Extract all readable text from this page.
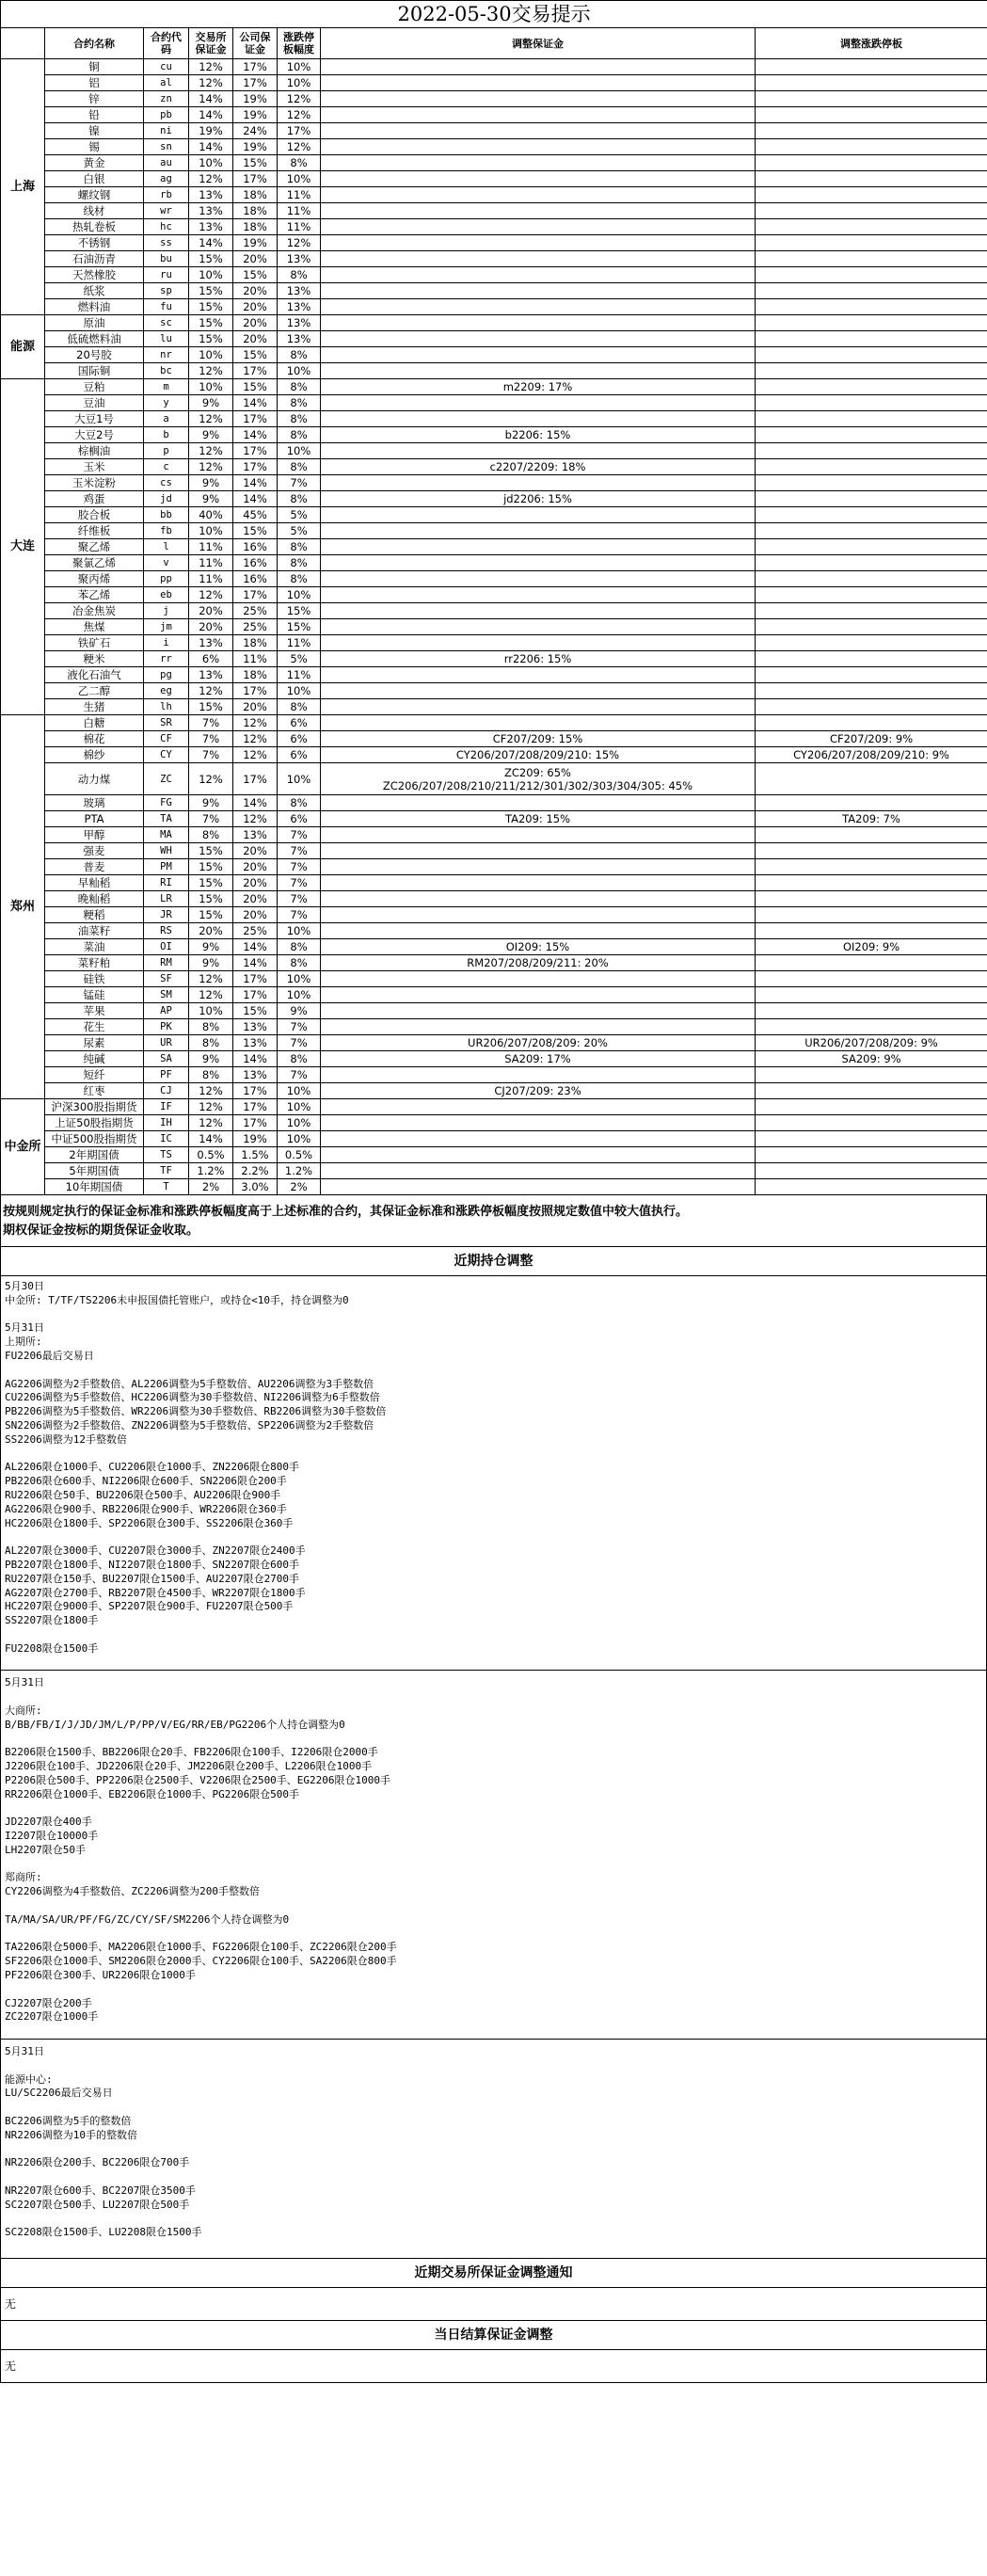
2022-05-30交易提示							
	合约名称	合约代码	交易所保证金	公司保证金	涨跌停板幅度	调整保证金	调整涨跌停板
上海	铜	cu	12%	17%	10%		
	铝	al	12%	17%	10%		
	锌	zn	14%	19%	12%		
	铅	pb	14%	19%	12%		
	镍	ni	19%	24%	17%		
	锡	sn	14%	19%	12%		
	黄金	au	10%	15%	8%		
	白银	ag	12%	17%	10%		
	螺纹钢	rb	13%	18%	11%		
	线材	wr	13%	18%	11%		
	热轧卷板	hc	13%	18%	11%		
	不锈钢	ss	14%	19%	12%		
	石油沥青	bu	15%	20%	13%		
	天然橡胶	ru	10%	15%	8%		
	纸浆	sp	15%	20%	13%		
	燃料油	fu	15%	20%	13%		
能源	原油	sc	15%	20%	13%		
	低硫燃料油	lu	15%	20%	13%		
	20号胶	nr	10%	15%	8%		
	国际铜	bc	12%	17%	10%		
大连	豆粕	m	10%	15%	8%	m2209: 17%	
	豆油	y	9%	14%	8%		
	大豆1号	a	12%	17%	8%		
	大豆2号	b	9%	14%	8%	b2206: 15%	
	棕榈油	p	12%	17%	10%		
	玉米	c	12%	17%	8%	c2207/2209: 18%	
	玉米淀粉	cs	9%	14%	7%		
	鸡蛋	jd	9%	14%	8%	jd2206: 15%	
	胶合板	bb	40%	45%	5%		
	纤维板	fb	10%	15%	5%		
	聚乙烯	l	11%	16%	8%		
	聚氯乙烯	v	11%	16%	8%		
	聚丙烯	pp	11%	16%	8%		
	苯乙烯	eb	12%	17%	10%		
	冶金焦炭	j	20%	25%	15%		
	焦煤	jm	20%	25%	15%		
	铁矿石	i	13%	18%	11%		
	粳米	rr	6%	11%	5%	rr2206: 15%	
	液化石油气	pg	13%	18%	11%		
	乙二醇	eg	12%	17%	10%		
	生猪	lh	15%	20%	8%		
郑州	白糖	SR	7%	12%	6%		
	棉花	CF	7%	12%	6%	CF207/209: 15%	CF207/209: 9%
	棉纱	CY	7%	12%	6%	CY206/207/208/209/210: 15%	CY206/207/208/209/210: 9%
	动力煤	ZC	12%	17%	10%	ZC209: 65%
ZC206/207/208/210/211/212/301/302/303/304/305: 45%	
	玻璃	FG	9%	14%	8%		
	PTA	TA	7%	12%	6%	TA209: 15%	TA209: 7%
	甲醇	MA	8%	13%	7%		
	强麦	WH	15%	20%	7%		
	普麦	PM	15%	20%	7%		
	早籼稻	RI	15%	20%	7%		
	晚籼稻	LR	15%	20%	7%		
	粳稻	JR	15%	20%	7%		
	油菜籽	RS	20%	25%	10%		
	菜油	OI	9%	14%	8%	OI209: 15%	OI209: 9%
	菜籽粕	RM	9%	14%	8%	RM207/208/209/211: 20%	
	硅铁	SF	12%	17%	10%		
	锰硅	SM	12%	17%	10%		
	苹果	AP	10%	15%	9%		
	花生	PK	8%	13%	7%		
	尿素	UR	8%	13%	7%	UR206/207/208/209: 20%	UR206/207/208/209: 9%
	纯碱	SA	9%	14%	8%	SA209: 17%	SA209: 9%
	短纤	PF	8%	13%	7%		
	红枣	CJ	12%	17%	10%	CJ207/209: 23%	
中金所	沪深300股指期货	IF	12%	17%	10%		
	上证50股指期货	IH	12%	17%	10%		
	中证500股指期货	IC	14%	19%	10%		
	2年期国债	TS	0.5%	1.5%	0.5%		
	5年期国债	TF	1.2%	2.2%	1.2%		
	10年期国债	T	2%	3.0%	2%		
按规则规定执行的保证金标准和涨跌停板幅度高于上述标准的合约，其保证金标准和涨跌停板幅度按照规定数值中较大值执行。
期权保证金按标的期货保证金收取。
近期持仓调整
5月30日
中金所: T/TF/TS2206未申报国债托管账户，或持仓<10手，持仓调整为0
5月31日
上期所:
FU2206最后交易日
AG2206调整为2手整数倍、AL2206调整为5手整数倍、AU2206调整为3手整数倍
CU2206调整为5手整数倍、HC2206调整为30手整数倍、NI2206调整为6手整数倍
PB2206调整为5手整数倍、WR2206调整为30手整数倍、RB2206调整为30手整数倍
SN2206调整为2手整数倍、ZN2206调整为5手整数倍、SP2206调整为2手整数倍
SS2206调整为12手整数倍
AL2206限仓1000手、CU2206限仓1000手、ZN2206限仓800手
PB2206限仓600手、NI2206限仓600手、SN2206限仓200手
RU2206限仓50手、BU2206限仓500手、AU2206限仓900手
AG2206限仓900手、RB2206限仓900手、WR2206限仓360手
HC2206限仓1800手、SP2206限仓300手、SS2206限仓360手
AL2207限仓3000手、CU2207限仓3000手、ZN2207限仓2400手
PB2207限仓1800手、NI2207限仓1800手、SN2207限仓600手
RU2207限仓150手、BU2207限仓1500手、AU2207限仓2700手
AG2207限仓2700手、RB2207限仓4500手、WR2207限仓1800手
HC2207限仓9000手、SP2207限仓900手、FU2207限仓500手
SS2207限仓1800手
FU2208限仓1500手
5月31日
大商所:
B/BB/FB/I/J/JD/JM/L/P/PP/V/EG/RR/EB/PG2206个人持仓调整为0
B2206限仓1500手、BB2206限仓20手、FB2206限仓100手、I2206限仓2000手
J2206限仓100手、JD2206限仓20手、JM2206限仓200手、L2206限仓1000手
P2206限仓500手、PP2206限仓2500手、V2206限仓2500手、EG2206限仓1000手
RR2206限仓1000手、EB2206限仓1000手、PG2206限仓500手
JD2207限仓400手
I2207限仓10000手
LH2207限仓50手
郑商所:
CY2206调整为4手整数倍、ZC2206调整为200手整数倍
TA/MA/SA/UR/PF/FG/ZC/CY/SF/SM2206个人持仓调整为0
TA2206限仓5000手、MA2206限仓1000手、FG2206限仓100手、ZC2206限仓200手
SF2206限仓1000手、SM2206限仓2000手、CY2206限仓100手、SA2206限仓800手
PF2206限仓300手、UR2206限仓1000手
CJ2207限仓200手
ZC2207限仓1000手
5月31日
能源中心:
LU/SC2206最后交易日
BC2206调整为5手的整数倍
NR2206调整为10手的整数倍
NR2206限仓200手、BC2206限仓700手
NR2207限仓600手、BC2207限仓3500手
SC2207限仓500手、LU2207限仓500手
SC2208限仓1500手、LU2208限仓1500手
近期交易所保证金调整通知
无
当日结算保证金调整
无
